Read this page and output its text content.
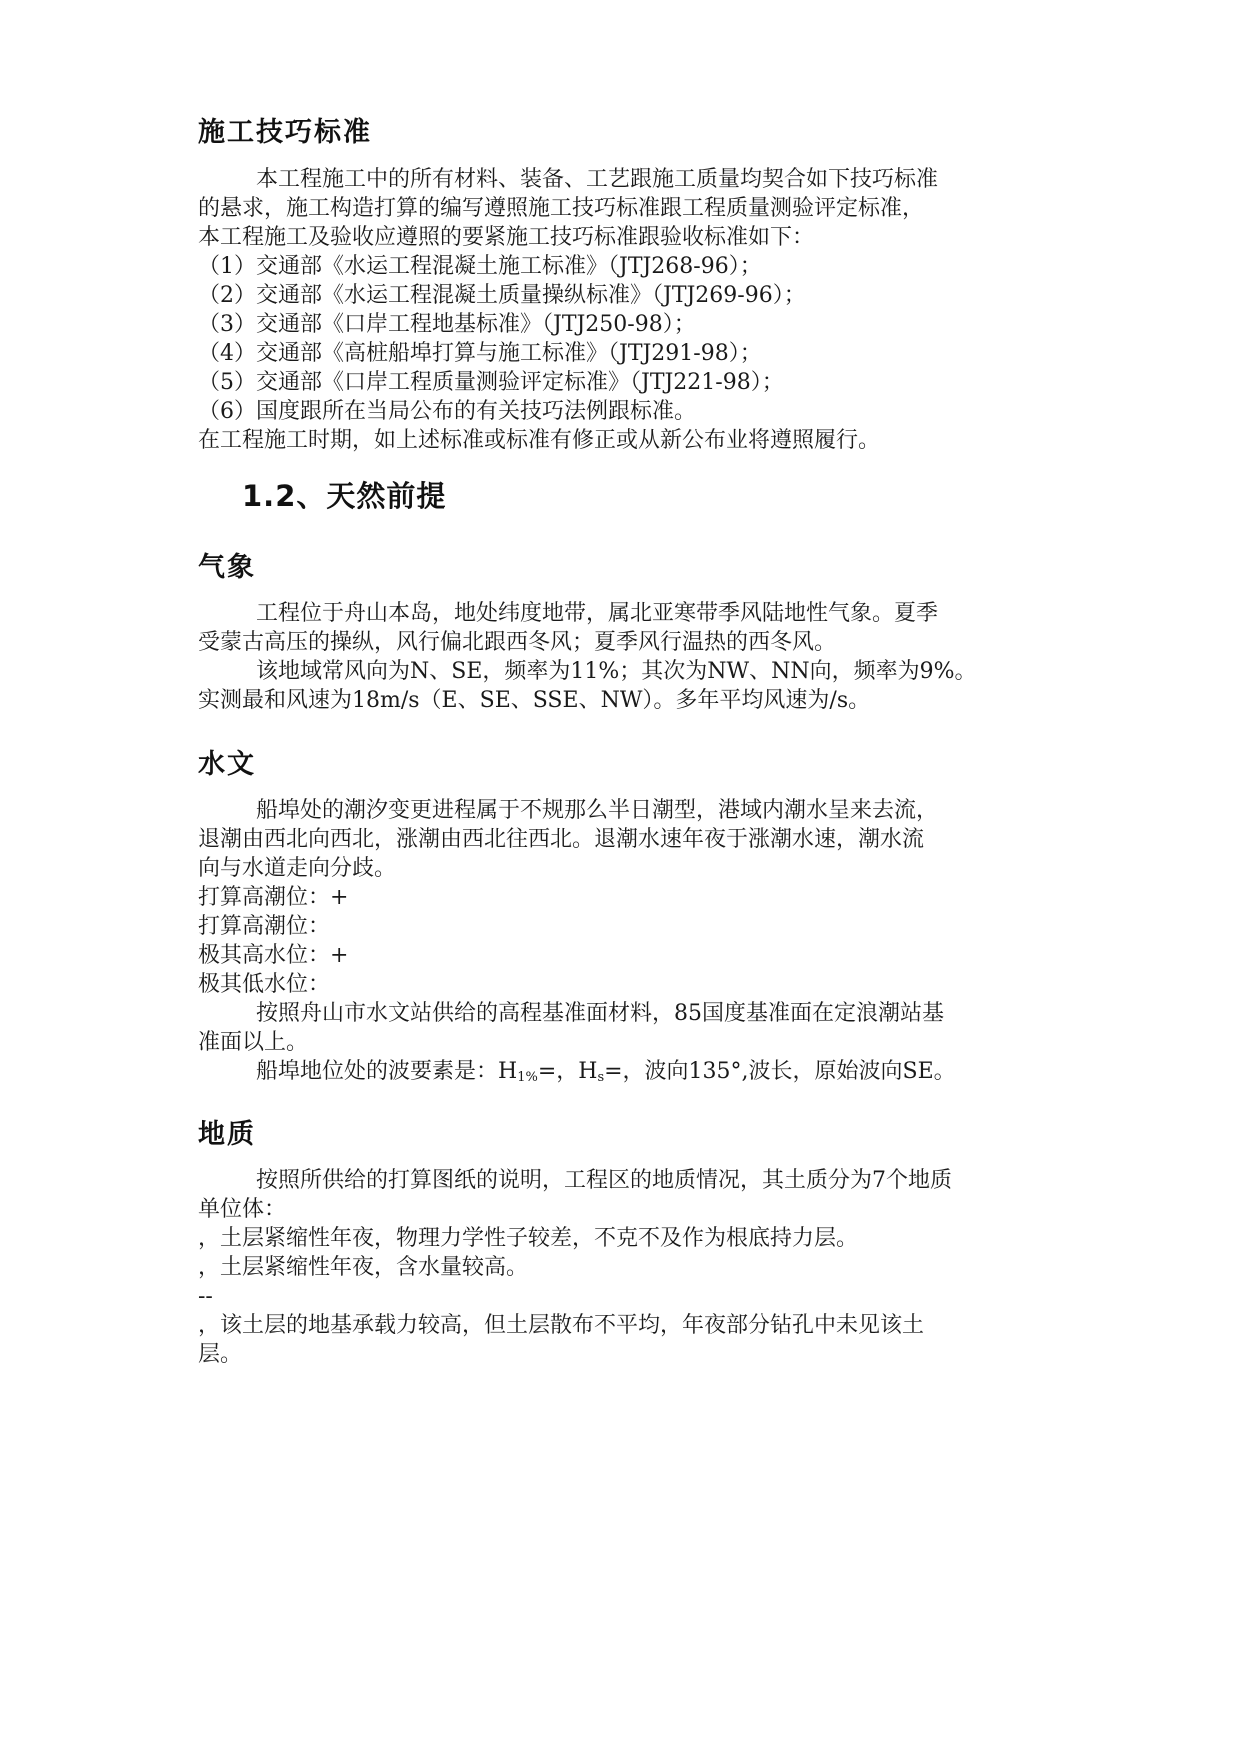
施工技巧标准
本工程施工中的所有材料、装备、工艺跟施工质量均契合如下技巧标准
的悬求，施工构造打算的编写遵照施工技巧标准跟工程质量测验评定标准，
本工程施工及验收应遵照的要紧施工技巧标准跟验收标准如下：
（1）交通部《水运工程混凝土施工标准》（JTJ268-96）；
（2）交通部《水运工程混凝土质量操纵标准》（JTJ269-96）；
（3）交通部《口岸工程地基标准》（JTJ250-98）；
（4）交通部《高桩船埠打算与施工标准》（JTJ291-98）；
（5）交通部《口岸工程质量测验评定标准》（JTJ221-98）；
（6）国度跟所在当局公布的有关技巧法例跟标准。
在工程施工时期，如上述标准或标准有修正或从新公布业将遵照履行。
1.2、天然前提
气象
工程位于舟山本岛，地处纬度地带，属北亚寒带季风陆地性气象。夏季
受蒙古高压的操纵，风行偏北跟西冬风；夏季风行温热的西冬风。
该地域常风向为N、SE，频率为11%；其次为NW、NN向，频率为9%。
实测最和风速为18m/s（E、SE、SSE、NW）。多年平均风速为/s。
水文
船埠处的潮汐变更进程属于不规那么半日潮型，港域内潮水呈来去流，
退潮由西北向西北，涨潮由西北往西北。退潮水速年夜于涨潮水速，潮水流
向与水道走向分歧。
打算高潮位：+
打算高潮位：
极其高水位：+
极其低水位：
按照舟山市水文站供给的高程基准面材料，85国度基准面在定浪潮站基
准面以上。
船埠地位处的波要素是：$H_{1\%}=$，$H_s=$，波向135°,波长，原始波向SE。
地质
按照所供给的打算图纸的说明，工程区的地质情况，其土质分为7个地质
单位体：
，土层紧缩性年夜，物理力学性子较差，不克不及作为根底持力层。
，土层紧缩性年夜，含水量较高。
--
，该土层的地基承载力较高，但土层散布不平均，年夜部分钻孔中未见该土
层。
